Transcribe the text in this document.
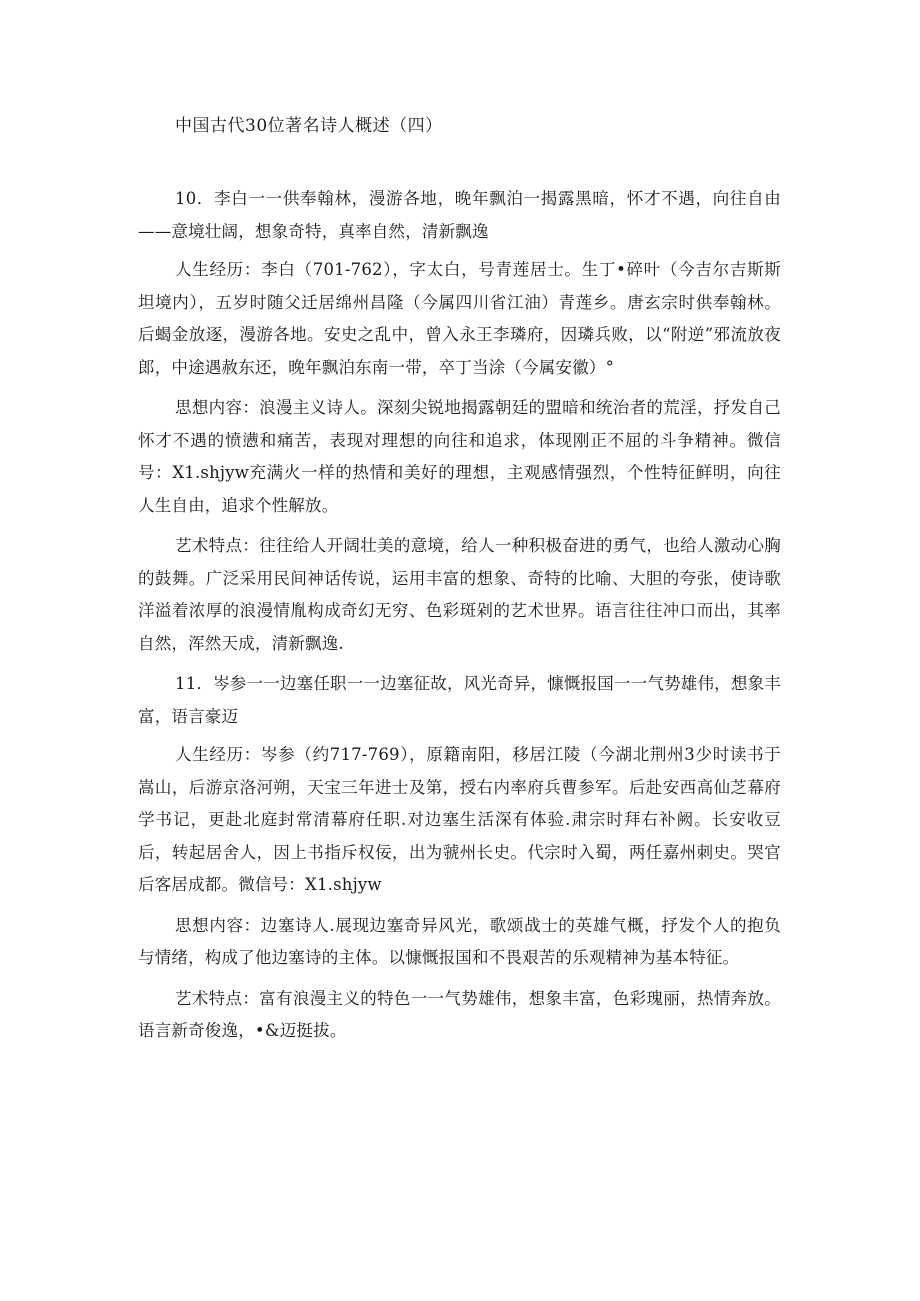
中国古代30位著名诗人概述（四）

10．李白一一供奉翰林，漫游各地，晚年飘泊一揭露黑暗，怀才不遇，向往自由——意境壮阔，想象奇特，真率自然，清新飘逸

人生经历：李白（701-762），字太白，号青莲居士。生丁•碎叶（今吉尔吉斯斯坦境内），五岁时随父迁居绵州昌隆（今属四川省江油）青莲乡。唐玄宗时供奉翰林。后蝎金放逐，漫游各地。安史之乱中，曾入永王李璘府，因璘兵败，以“附逆”邪流放夜郎，中途遇赦东还，晚年飘泊东南一带，卒丁当涂（今属安徽）°

思想内容：浪漫主义诗人。深刻尖锐地揭露朝廷的盟暗和统治者的荒淫，抒发自己怀才不遇的愤懑和痛苦，表现对理想的向往和追求，体现刚正不屈的斗争精神。微信号：X1.shjyw充满火一样的热情和美好的理想，主观感情强烈，个性特征鲜明，向往人生自由，追求个性解放。

艺术特点：往往给人开阔壮美的意境，给人一种积极奋进的勇气，也给人激动心胸的鼓舞。广泛采用民间神话传说，运用丰富的想象、奇特的比喻、大胆的夸张，使诗歌洋溢着浓厚的浪漫情胤构成奇幻无穷、色彩斑剁的艺术世界。语言往往冲口而出，其率自然，浑然天成，清新飘逸.

11．岑参一一边塞任职一一边塞征故，风光奇异，慷慨报国一一气势雄伟，想象丰富，语言豪迈

人生经历：岑参（约717-769），原籍南阳，移居江陵（今湖北荆州3少时读书于嵩山，后游京洛河朔，天宝三年进士及第，授右内率府兵曹参军。后赴安西高仙芝幕府学书记，更赴北庭封常清幕府任职.对边塞生活深有体验.肃宗时拜右补阙。长安收豆后，转起居舍人，因上书指斥权佞，出为虢州长史。代宗时入蜀，两任嘉州刺史。哭官后客居成都。微信号：X1.shjyw

思想内容：边塞诗人.展现边塞奇异风光，歌颂战士的英雄气概，抒发个人的抱负与情绪，构成了他边塞诗的主体。以慷慨报国和不畏艰苦的乐观精神为基本特征。

艺术特点：富有浪漫主义的特色一一气势雄伟，想象丰富，色彩瑰丽，热情奔放。语言新奇俊逸，•&迈挺拔。
